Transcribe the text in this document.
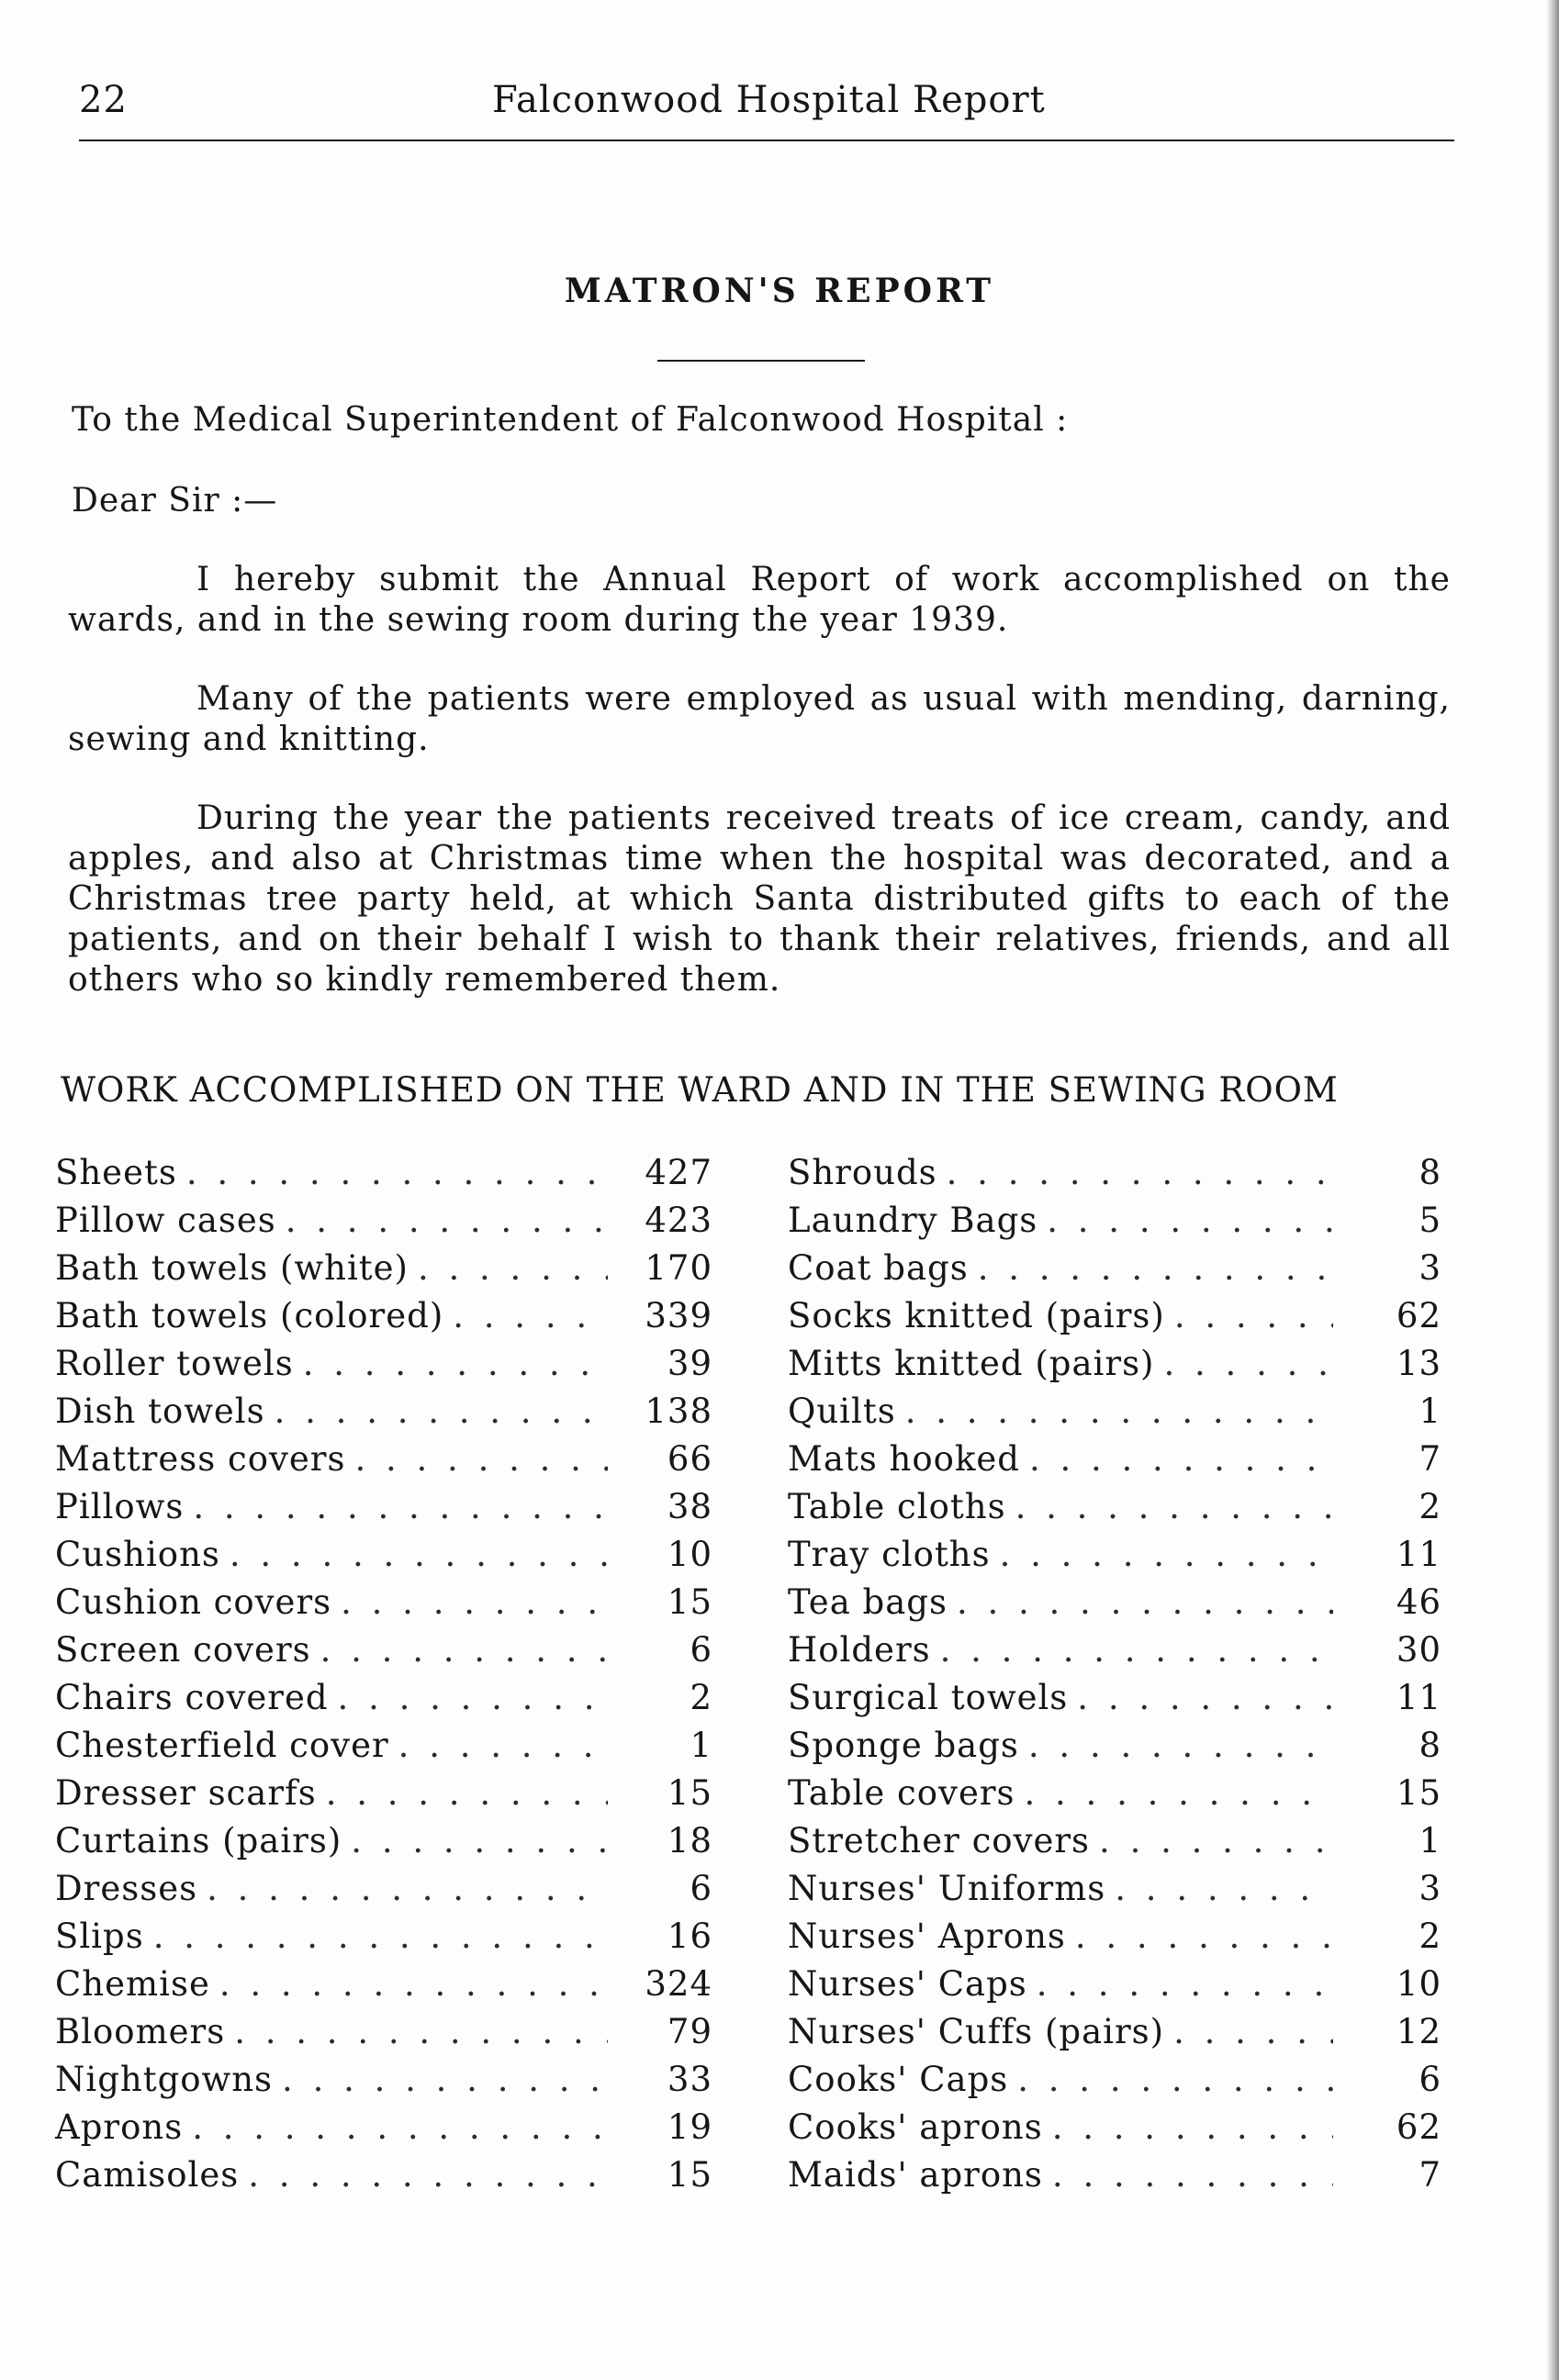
22	Falconwood Hospital Report
MATRON'S REPORT

To the Medical Superintendent of Falconwood Hospital :

Dear Sir :—

I hereby submit the Annual Report of work accomplished on the wards, and in the sewing room during the year 1939.

Many of the patients were employed as usual with mending, darning, sewing and knitting.

During the year the patients received treats of ice cream, candy, and apples, and also at Christmas time when the hospital was decorated, and a Christmas tree party held, at which Santa distributed gifts to each of the patients, and on their behalf I wish to thank their relatives, friends, and all others who so kindly remembered them.

WORK ACCOMPLISHED ON THE WARD AND IN THE SEWING ROOM
Sheets . . .	427
Pillow cases . . .	423
Bath towels (white) . . .	170
Bath towels (colored) . . .	339
Roller towels . . .	39
Dish towels . . .	138
Mattress covers . . .	66
Pillows . . .	38
Cushions . . .	10
Cushion covers . . .	15
Screen covers . . .	6
Chairs covered . . .	2
Chesterfield cover . . .	1
Dresser scarfs . . .	15
Curtains (pairs) . . .	18
Dresses . . .	6
Slips . . .	16
Chemise . . .	324
Bloomers . . .	79
Nightgowns . . .	33
Aprons . . .	19
Camisoles . . .	15
Shrouds . . .	8
Laundry Bags . . .	5
Coat bags . . .	3
Socks knitted (pairs) . . .	62
Mitts knitted (pairs) . . .	13
Quilts . . .	1
Mats hooked . . .	7
Table cloths . . .	2
Tray cloths . . .	11
Tea bags . . .	46
Holders . . .	30
Surgical towels . . .	11
Sponge bags . . .	8
Table covers . . .	15
Stretcher covers . . .	1
Nurses' Uniforms . . .	3
Nurses' Aprons . . .	2
Nurses' Caps . . .	10
Nurses' Cuffs (pairs) . . .	12
Cooks' Caps . . .	6
Cooks' aprons . . .	62
Maids' aprons . . .	7
